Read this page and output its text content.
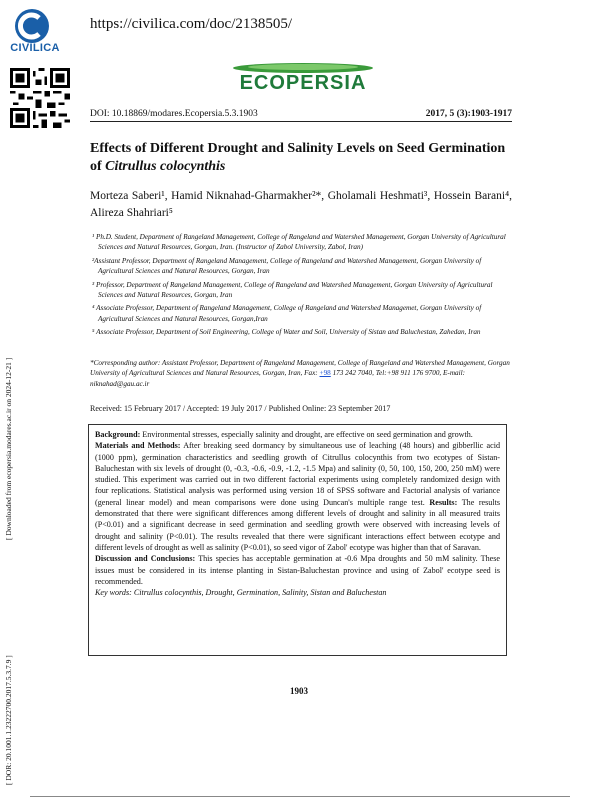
CIVILICA
https://civilica.com/doc/2138505/
ECOPERSIA
DOI: 10.18869/modares.Ecopersia.5.3.1903	2017, 5 (3):1903-1917
Effects of Different Drought and Salinity Levels on Seed Germination of Citrullus colocynthis
Morteza Saberi¹, Hamid Niknahad-Gharmakher²*, Gholamali Heshmati³, Hossein Barani⁴, Alireza Shahriari⁵
¹ Ph.D. Student, Department of Rangeland Management, College of Rangeland and Watershed Management, Gorgan University of Agricultural Sciences and Natural Resources, Gorgan, Iran. (Instructor of Zabol University, Zabol, Iran)
²Assistant Professor, Department of Rangeland Management, College of Rangeland and Watershed Management, Gorgan University of Agricultural Sciences and Natural Resources, Gorgan, Iran
³ Professor, Department of Rangeland Management, College of Rangeland and Watershed Management, Gorgan University of Agricultural Sciences and Natural Resources, Gorgan, Iran
⁴ Associate Professor, Department of Rangeland Management, College of Rangeland and Watershed Managemet, Gorgan University of Agricultural Sciences and Natural Resources, Gorgan,Iran
⁵ Associate Professor, Department of Soil Engineering, College of Water and Soil, University of Sistan and Baluchestan, Zahedan, Iran
*Corresponding author: Assistant Professor, Department of Rangeland Management, College of Rangeland and Watershed Management, Gorgan University of Agricultural Sciences and Natural Resources, Gorgan, Iran, Fax: +98 173 242 7040, Tel:+98 911 176 9700, E-mail: niknahad@gau.ac.ir
Received: 15 February 2017 / Accepted: 19 July 2017 / Published Online: 23 September 2017

Background: Environmental stresses, especially salinity and drought, are effective on seed germination and growth.

Materials and Methods: After breaking seed dormancy by simultaneous use of leaching (48 hours) and gibberllic acid (1000 ppm), germination characteristics and seedling growth of Citrullus colocynthis from two ecotypes of Sistan-Baluchestan with six levels of drought (0, -0.3, -0.6, -0.9, -1.2, -1.5 Mpa) and salinity (0, 50, 100, 150, 200, 250 mM) were studied. This experiment was carried out in two different factorial experiments using completely randomized design with four replications. Statistical analysis was performed using version 18 of SPSS software and Factorial analysis of variance (general linear model) and mean comparisons were done using Duncan's multiple range test. Results: The results demonstrated that there were significant differences among different levels of drought and salinity in all measured traits (P<0.01) and a significant decrease in seed germination and seedling growth were observed with increasing levels of drought and salinity (P<0.01). The results revealed that there were significant interactions effect between ecotype and different levels of drought as well as salinity (P<0.01), so seed vigor of Zabol' ecotype was higher than that of Saravan.

Discussion and Conclusions: This species has acceptable germination at -0.6 Mpa droughts and 50 mM salinity. These issues must be considered in its intense planting in Sistan-Baluchestan province and using of Zabol' ecotype seed is recommended.

Key words: Citrullus colocynthis, Drought, Germination, Salinity, Sistan and Baluchestan

1903
[ Downloaded from ecopersia.modares.ac.ir on 2024-12-21 ]
[ DOR: 20.1001.1.23222700.2017.5.3.7.9 ]
